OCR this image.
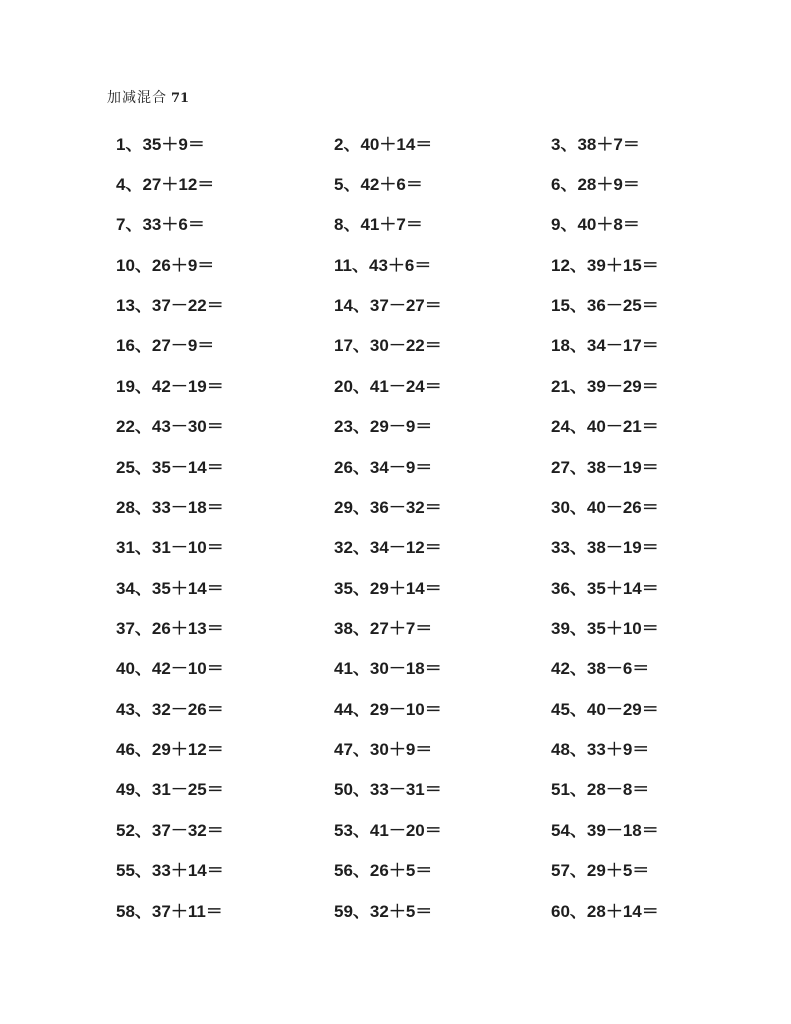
加减混合 71
1、 35＋9＝	2、 40＋14＝	3、 38＋7＝
4、 27＋12＝	5、 42＋6＝	6、 28＋9＝
7、 33＋6＝	8、 41＋7＝	9、 40＋8＝
10、 26＋9＝	11、 43＋6＝	12、 39＋15＝
13、 37－22＝	14、 37－27＝	15、 36－25＝
16、 27－9＝	17、 30－22＝	18、 34－17＝
19、 42－19＝	20、 41－24＝	21、 39－29＝
22、 43－30＝	23、 29－9＝	24、 40－21＝
25、 35－14＝	26、 34－9＝	27、 38－19＝
28、 33－18＝	29、 36－32＝	30、 40－26＝
31、 31－10＝	32、 34－12＝	33、 38－19＝
34、 35＋14＝	35、 29＋14＝	36、 35＋14＝
37、 26＋13＝	38、 27＋7＝	39、 35＋10＝
40、 42－10＝	41、 30－18＝	42、 38－6＝
43、 32－26＝	44、 29－10＝	45、 40－29＝
46、 29＋12＝	47、 30＋9＝	48、 33＋9＝
49、 31－25＝	50、 33－31＝	51、 28－8＝
52、 37－32＝	53、 41－20＝	54、 39－18＝
55、 33＋14＝	56、 26＋5＝	57、 29＋5＝
58、 37＋11＝	59、 32＋5＝	60、 28＋14＝
